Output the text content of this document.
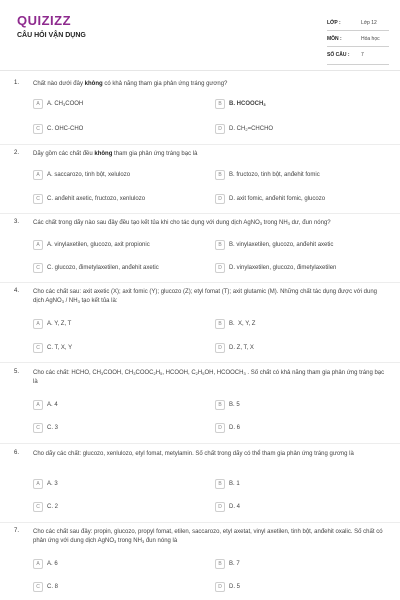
QUIZIZZ
CÂU HỎI VẬN DỤNG
LỚP :	Lớp 12
MÔN :	Hóa học
SỐ CÂU :	7
1. Chất nào dưới đây không có khả năng tham gia phản ứng tráng gương?
A	A. $CH_3COOH$	B	B. $HCOOCH_3$
C	C. OHC-CHO	D	D. $CH_2=CHCHO$
2. Dãy gồm các chất đều không tham gia phản ứng tráng bạc là
A	A. saccarozo, tinh bột, xelulozo	B	B. fructozo, tinh bột, anđehit fomic
C	C. anđehit axetic, fructozo, xenlulozo	D	D. axit fomic, anđehit fomic, glucozo
3. Các chất trong dãy nào sau đây đều tạo kết tủa khi cho tác dụng với dung dịch AgNO$_3$ trong $NH_3$ dư, đun nóng?
A	A. vinylaxetilen, glucozo, axit propionic	B	B. vinylaxetilen, glucozo, anđehit axetic
C	C. glucozo, đimetylaxetilen, anđehit axetic	D	D. vinylaxetilen, glucozo, đimetylaxetilen
4. Cho các chất sau: axit axetic (X); axit fomic (Y); glucozo (Z); etyl fomat (T); axit glutamic (M). Những chất tác dụng được với dung dịch AgNO$_3$ / $NH_3$ tạo kết tủa là:
A	A. Y, Z, T	B	B.  X, Y, Z
C	C. T, X, Y	D	D. Z, T, X
5. Cho các chất: HCHO, $CH_3COOH$, $CH_3COOC_2H_5$, HCOOH, $C_2H_5OH$, $HCOOCH_3$ . Số chất có khả năng tham gia phản ứng tráng bạc là
A	A. 4	B	B. 5
C	C. 3	D	D. 6
6. Cho dãy các chất: glucozo, xenlulozo, etyl fomat, metylamin. Số chất trong dãy có thể tham gia phản ứng tráng gương là
A	A. 3	B	B. 1
C	C. 2	D	D. 4
7. Cho các chất sau đây: propin, glucozo, propyl fomat, etilen, saccarozo, etyl axetat, vinyl axetilen, tinh bột, anđehit oxalic. Số chất có phản ứng với dung dịch AgNO$_3$ trong $NH_3$ đun nóng là
A	A. 6	B	B. 7
C	C. 8	D	D. 5
